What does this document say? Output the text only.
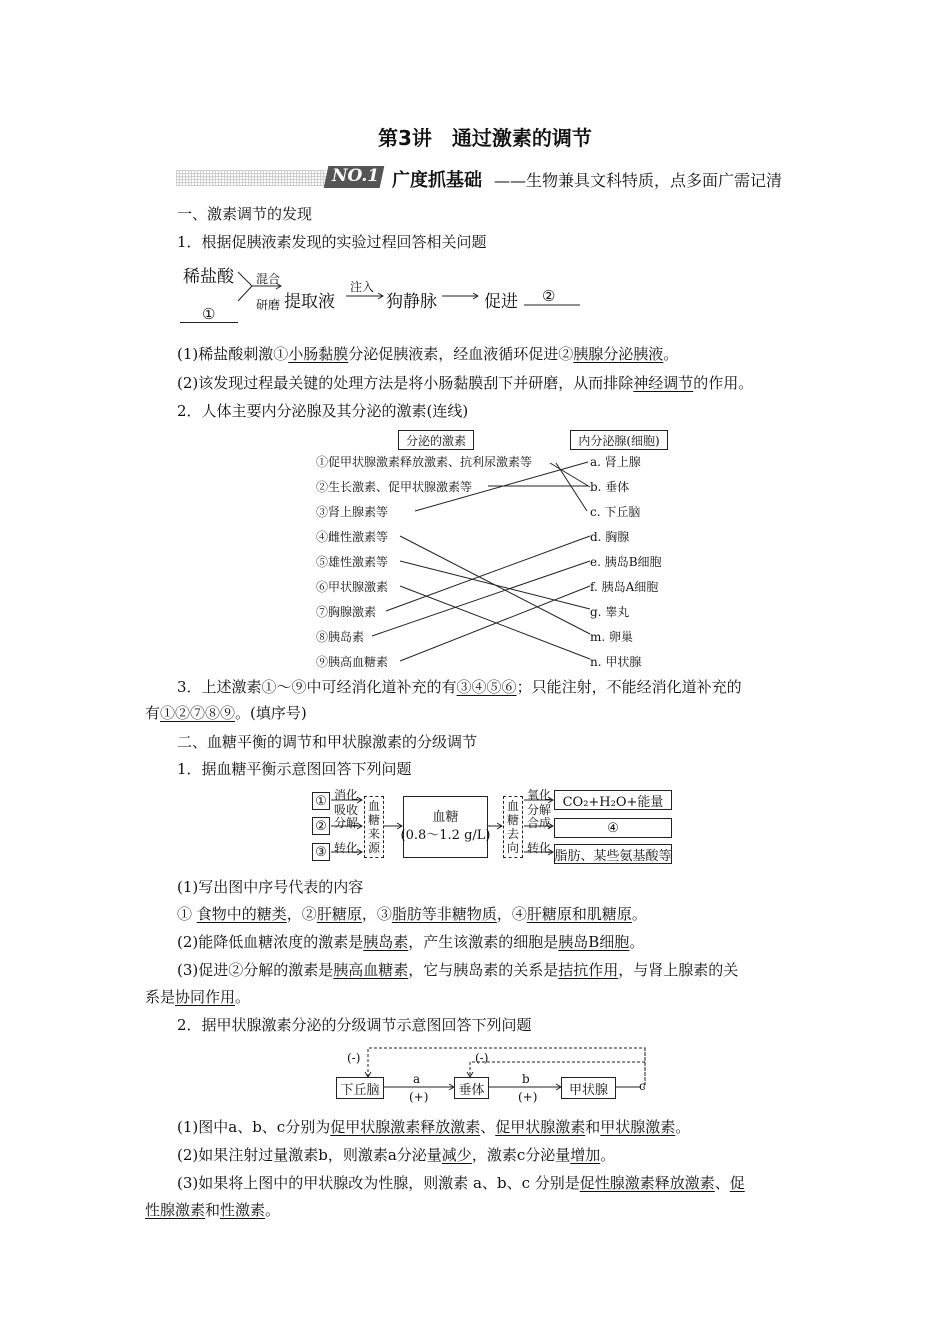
第3讲　通过激素的调节
NO.1 广度抓基础 ——生物兼具文科特质，点多面广需记清
一、激素调节的发现
1．根据促胰液素发现的实验过程回答相关问题
稀盐酸
①
混合
研磨 提取液
注入
狗静脉	促进 ②
(1)稀盐酸刺激①小肠黏膜分泌促胰液素，经血液循环促进②胰腺分泌胰液。
(2)该发现过程最关键的处理方法是将小肠黏膜刮下并研磨，从而排除神经调节的作用。
2．人体主要内分泌腺及其分泌的激素(连线)
分泌的激素	内分泌腺(细胞)
①促甲状腺激素释放激素、抗利尿激素等
②生长激素、促甲状腺激素等
③肾上腺素等
④雌性激素等
⑤雄性激素等
⑥甲状腺激素
⑦胸腺激素
⑧胰岛素
⑨胰高血糖素
a. 肾上腺
b. 垂体
c. 下丘脑
d. 胸腺
e. 胰岛B细胞
f. 胰岛A细胞
g. 睾丸
m. 卵巢
n. 甲状腺
3．上述激素①～⑨中可经消化道补充的有③④⑤⑥；只能注射，不能经消化道补充的
有①②⑦⑧⑨。(填序号)
二、血糖平衡的调节和甲状腺激素的分级调节
1．据血糖平衡示意图回答下列问题
①
②
③
消化
吸收
分解
转化
血
糖
来
源
血糖
(0.8～1.2 g/L)
血
糖
去
向
氧化
分解
合成
转化
CO₂+H₂O+能量
④
脂肪、某些氨基酸等
(1)写出图中序号代表的内容
① 食物中的糖类，②肝糖原，③脂肪等非糖物质，④肝糖原和肌糖原。
(2)能降低血糖浓度的激素是胰岛素，产生该激素的细胞是胰岛B细胞。
(3)促进②分解的激素是胰高血糖素，它与胰岛素的关系是拮抗作用，与肾上腺素的关
系是协同作用。
2．据甲状腺激素分泌的分级调节示意图回答下列问题
(-)	(-)
下丘脑	垂体	甲状腺
a
(+)
b
(+)
c
(1)图中a、b、c分别为促甲状腺激素释放激素、促甲状腺激素和甲状腺激素。
(2)如果注射过量激素b，则激素a分泌量减少，激素c分泌量增加。
(3)如果将上图中的甲状腺改为性腺，则激素 a、b、c 分别是促性腺激素释放激素、促
性腺激素和性激素。
